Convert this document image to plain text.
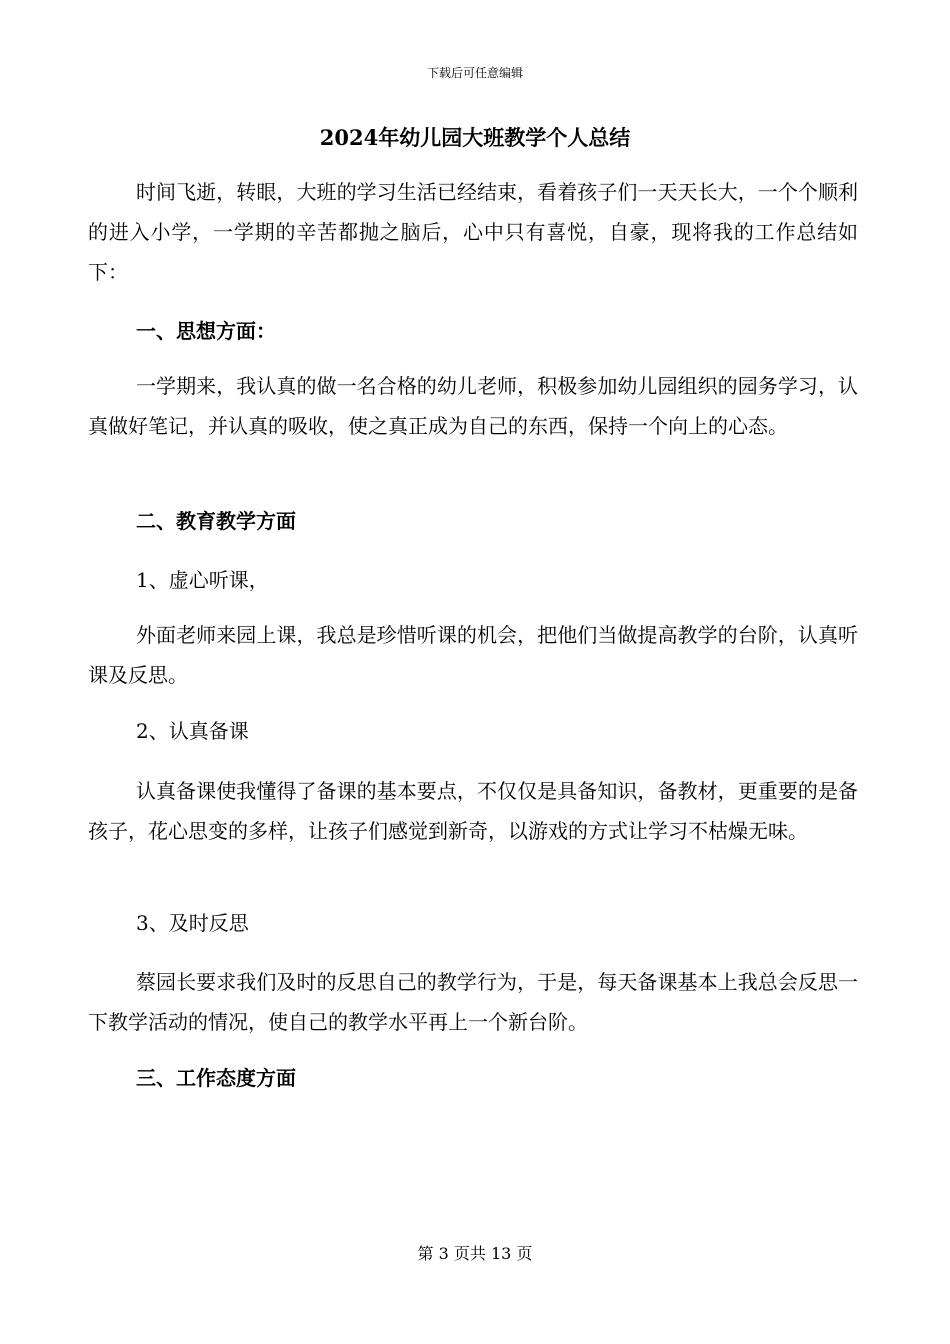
下载后可任意编辑
2024年幼儿园大班教学个人总结

时间飞逝，转眼，大班的学习生活已经结束，看着孩子们一天天长大，一个个顺利的进入小学，一学期的辛苦都抛之脑后，心中只有喜悦，自豪，现将我的工作总结如下：

一、思想方面：

一学期来，我认真的做一名合格的幼儿老师，积极参加幼儿园组织的园务学习，认真做好笔记，并认真的吸收，使之真正成为自己的东西，保持一个向上的心态。

二、教育教学方面

1、虚心听课，

外面老师来园上课，我总是珍惜听课的机会，把他们当做提高教学的台阶，认真听课及反思。

2、认真备课

认真备课使我懂得了备课的基本要点，不仅仅是具备知识，备教材，更重要的是备孩子，花心思变的多样，让孩子们感觉到新奇，以游戏的方式让学习不枯燥无味。

3、及时反思

蔡园长要求我们及时的反思自己的教学行为，于是，每天备课基本上我总会反思一下教学活动的情况，使自己的教学水平再上一个新台阶。

三、工作态度方面

第 3 页共 13 页
